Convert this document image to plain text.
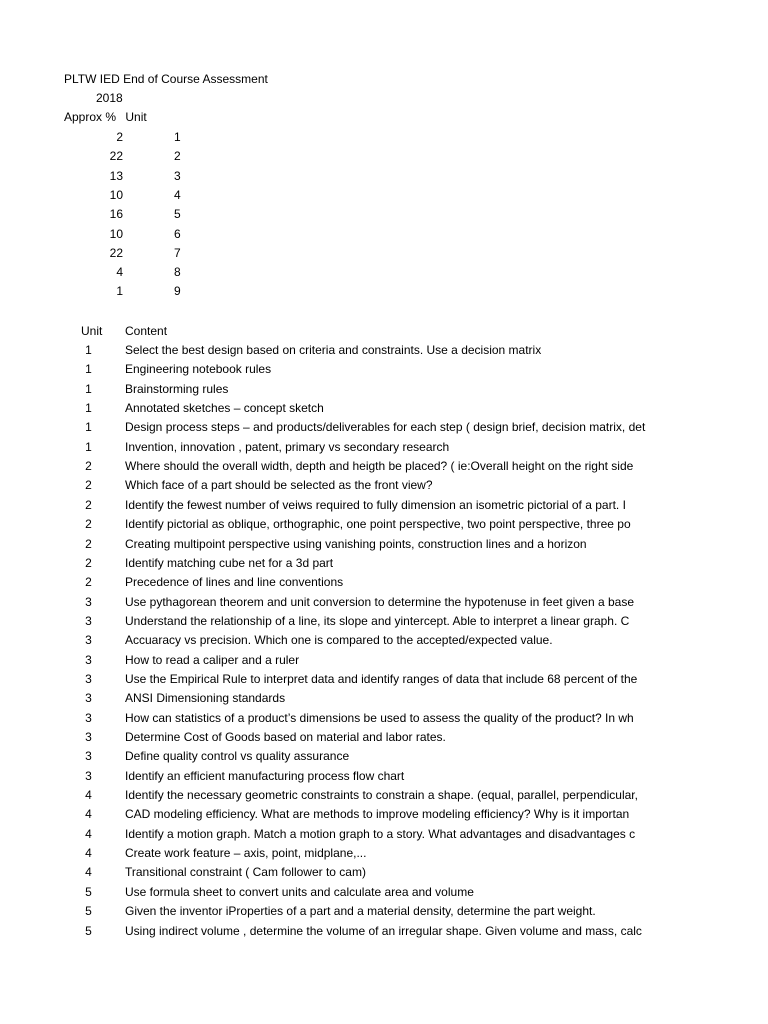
PLTW IED End of Course Assessment
2018
Approx % Unit
2	1
22	2
13	3
10	4
16	5
10	6
22	7
4	8
1	9
Unit Content
1	Select the best design based on criteria and constraints. Use a decision matrix
1	Engineering notebook rules
1	Brainstorming rules
1	Annotated sketches – concept sketch
1	Design process steps – and products/deliverables for each step ( design brief, decision matrix, det
1	Invention, innovation , patent, primary vs secondary research
2	Where should the overall width, depth and heigth be placed? ( ie:Overall height on the right side
2	Which face of a part should be selected as the front view?
2	Identify the fewest number of veiws required to fully dimension an isometric pictorial of a part. I
2	Identify pictorial as oblique, orthographic, one point perspective, two point perspective, three po
2	Creating multipoint perspective using vanishing points, construction lines and a horizon
2	Identify matching cube net for a 3d part
2	Precedence of lines and line conventions
3	Use pythagorean theorem and unit conversion to determine the hypotenuse in feet given a base
3	Understand the relationship of a line, its slope and yintercept. Able to interpret a linear graph. C
3	Accuaracy vs precision. Which one is compared to the accepted/expected value.
3	How to read a caliper and a ruler
3	Use the Empirical Rule to interpret data and identify ranges of data that include 68 percent of the
3	ANSI Dimensioning standards
3	How can statistics of a product’s dimensions be used to assess the quality of the product? In wh
3	Determine Cost of Goods based on material and labor rates.
3	Define quality control vs quality assurance
3	Identify an efficient manufacturing process flow chart
4	Identify the necessary geometric constraints to constrain a shape. (equal, parallel, perpendicular,
4	CAD modeling efficiency. What are methods to improve modeling efficiency? Why is it importan
4	Identify a motion graph. Match a motion graph to a story. What advantages and disadvantages c
4	Create work feature – axis, point, midplane,...
4	Transitional constraint ( Cam follower to cam)
5	Use formula sheet to convert units and calculate area and volume
5	Given the inventor iProperties of a part and a material density, determine the part weight.
5	Using indirect volume , determine the volume of an irregular shape. Given volume and mass, calc
